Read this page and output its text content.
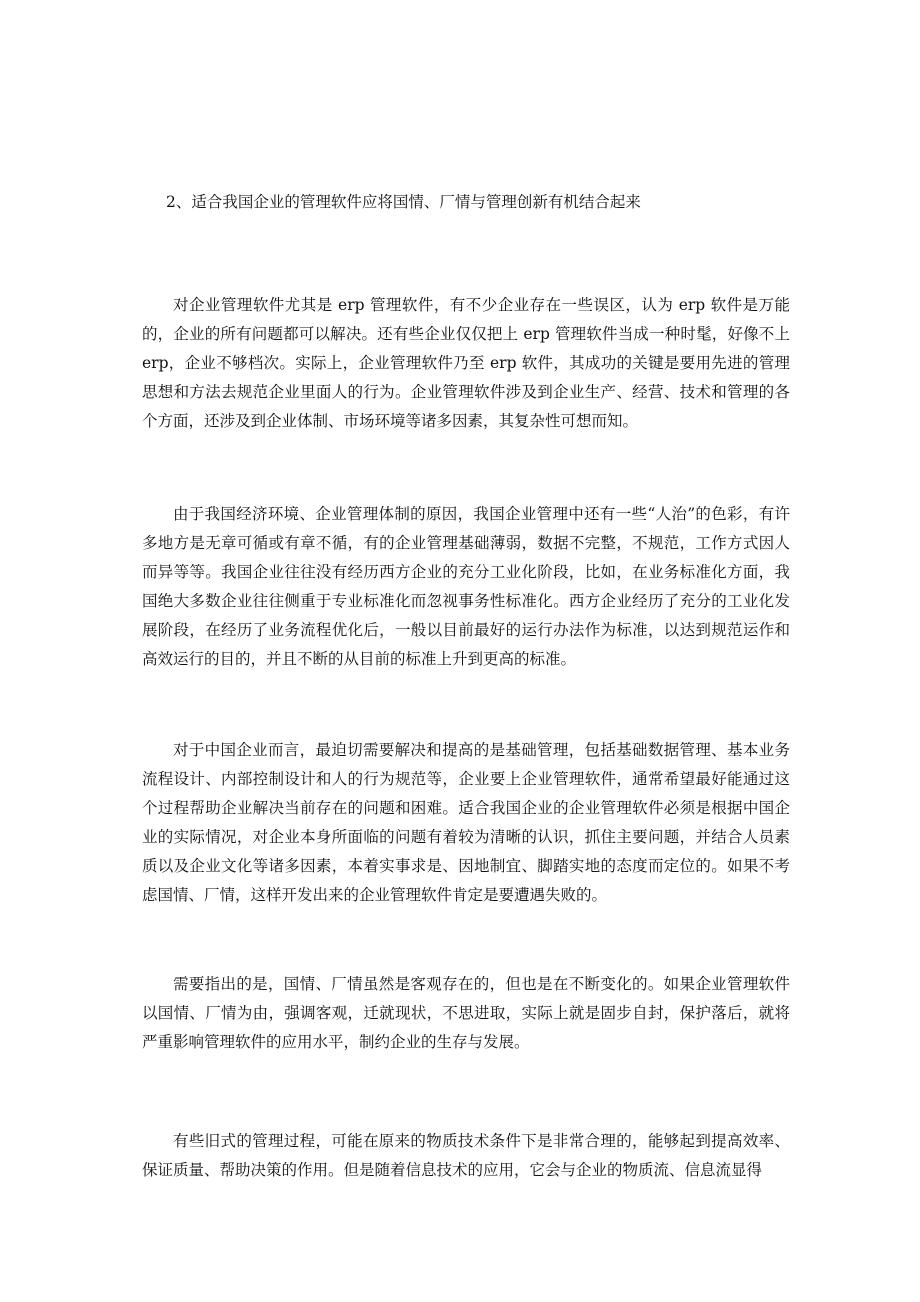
2、适合我国企业的管理软件应将国情、厂情与管理创新有机结合起来

对企业管理软件尤其是 erp 管理软件，有不少企业存在一些误区，认为 erp 软件是万能的，企业的所有问题都可以解决。还有些企业仅仅把上 erp 管理软件当成一种时髦，好像不上 erp，企业不够档次。实际上，企业管理软件乃至 erp 软件，其成功的关键是要用先进的管理思想和方法去规范企业里面人的行为。企业管理软件涉及到企业生产、经营、技术和管理的各个方面，还涉及到企业体制、市场环境等诸多因素，其复杂性可想而知。

由于我国经济环境、企业管理体制的原因，我国企业管理中还有一些“人治”的色彩，有许多地方是无章可循或有章不循，有的企业管理基础薄弱，数据不完整，不规范，工作方式因人而异等等。我国企业往往没有经历西方企业的充分工业化阶段，比如，在业务标准化方面，我国绝大多数企业往往侧重于专业标准化而忽视事务性标准化。西方企业经历了充分的工业化发展阶段，在经历了业务流程优化后，一般以目前最好的运行办法作为标准，以达到规范运作和高效运行的目的，并且不断的从目前的标准上升到更高的标准。

对于中国企业而言，最迫切需要解决和提高的是基础管理，包括基础数据管理、基本业务流程设计、内部控制设计和人的行为规范等，企业要上企业管理软件，通常希望最好能通过这个过程帮助企业解决当前存在的问题和困难。适合我国企业的企业管理软件必须是根据中国企业的实际情况，对企业本身所面临的问题有着较为清晰的认识，抓住主要问题，并结合人员素质以及企业文化等诸多因素，本着实事求是、因地制宜、脚踏实地的态度而定位的。如果不考虑国情、厂情，这样开发出来的企业管理软件肯定是要遭遇失败的。

需要指出的是，国情、厂情虽然是客观存在的，但也是在不断变化的。如果企业管理软件以国情、厂情为由，强调客观，迁就现状，不思进取，实际上就是固步自封，保护落后，就将严重影响管理软件的应用水平，制约企业的生存与发展。

有些旧式的管理过程，可能在原来的物质技术条件下是非常合理的，能够起到提高效率、保证质量、帮助决策的作用。但是随着信息技术的应用，它会与企业的物质流、信息流显得
